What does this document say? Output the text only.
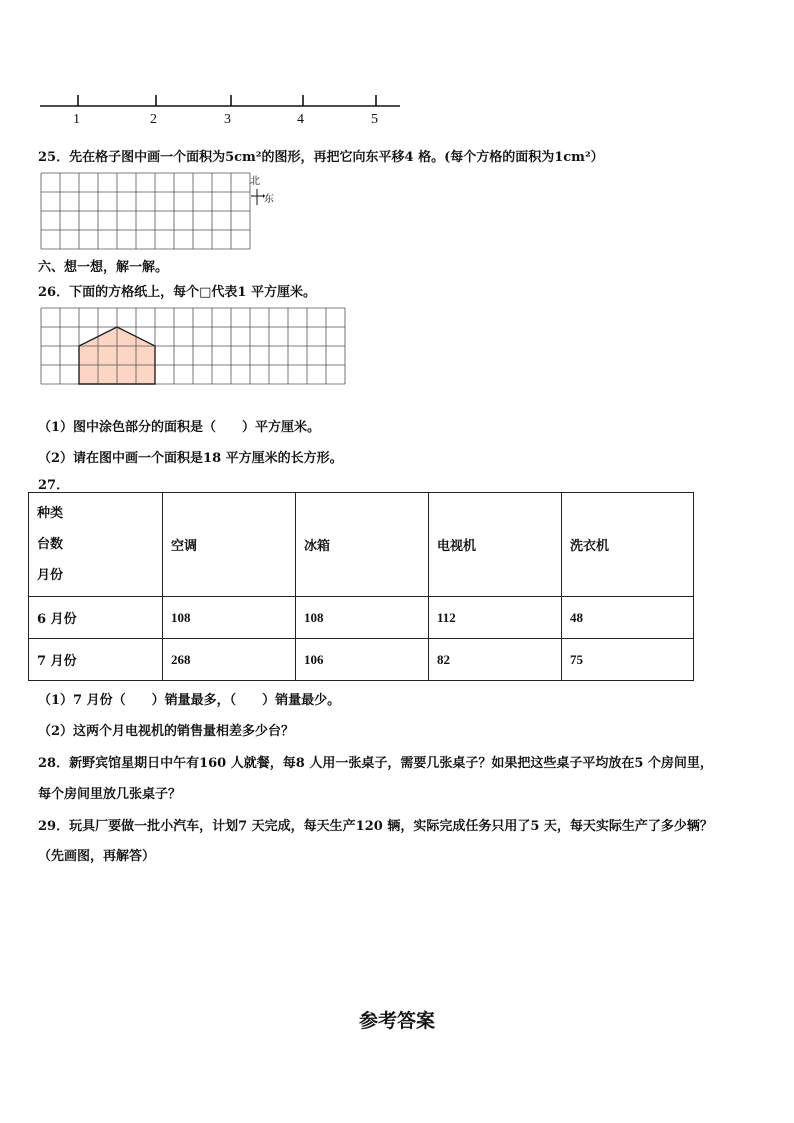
1	2	3	4	5
25．先在格子图中画一个面积为5cm²的图形，再把它向东平移4 格。(每个方格的面积为1cm²）
北
东
六、想一想，解一解。
26．下面的方格纸上，每个□代表1 平方厘米。
（1）图中涂色部分的面积是（　　）平方厘米。
（2）请在图中画一个面积是18 平方厘米的长方形。
27．
种类
台数
月份	空调	冰箱	电视机	洗衣机
6 月份	108	108	112	48
7 月份	268	106	82	75
（1）7 月份（　　）销量最多，（　　）销量最少。
（2）这两个月电视机的销售量相差多少台？
28．新野宾馆星期日中午有160 人就餐，每8 人用一张桌子，需要几张桌子？如果把这些桌子平均放在5 个房间里，
每个房间里放几张桌子？
29．玩具厂要做一批小汽车，计划7 天完成，每天生产120 辆，实际完成任务只用了5 天，每天实际生产了多少辆？
（先画图，再解答）
参考答案
